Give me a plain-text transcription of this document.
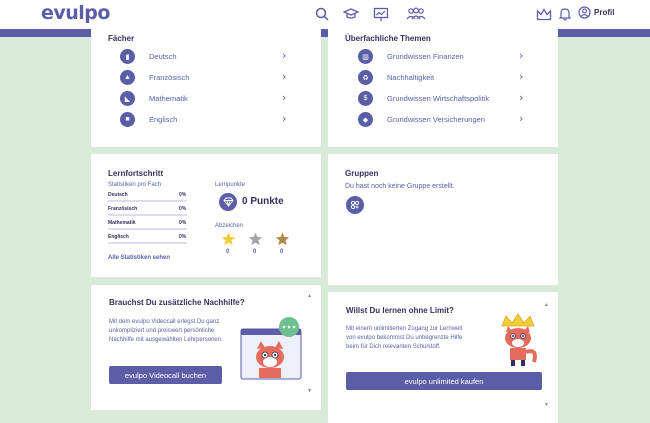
evulpo	Profil
Fächer
▮	Deutsch	›
▲	Französisch	›
◣	Mathematik	›
■	Englisch	›
Überfachliche Themen
▥	Grundwissen Finanzen	›
♻	Nachhaltigkeit	›
$	Grundwissen Wirtschaftspolitik	›
◆	Grundwissen Versicherungen	›
Lernfortschritt
Statistiken pro Fach
Deutsch	0%
Französisch	0%
Mathematik	0%
Englisch	0%
Alle Statistiken sehen
Lernpunkte
0 Punkte
Abzeichen
0	0	0
Gruppen
Du hast noch keine Gruppe erstellt.
Brauchst Du zusätzliche Nachhilfe?
Mit dem evulpo Videocall erlegst Du ganz unkompliziert und preiswert persönliche Nachhilfe mit ausgewählten Lehrpersonen.
evulpo Videocall buchen
▲
▼
Willst Du lernen ohne Limit?
Mit einem unlimitierten Zugang zur Lernwelt von evulpo bekommst Du unbegrenzte Hilfe beim für Dich relevanten Schulstoff.
evulpo unlimited kaufen
▲
▼
